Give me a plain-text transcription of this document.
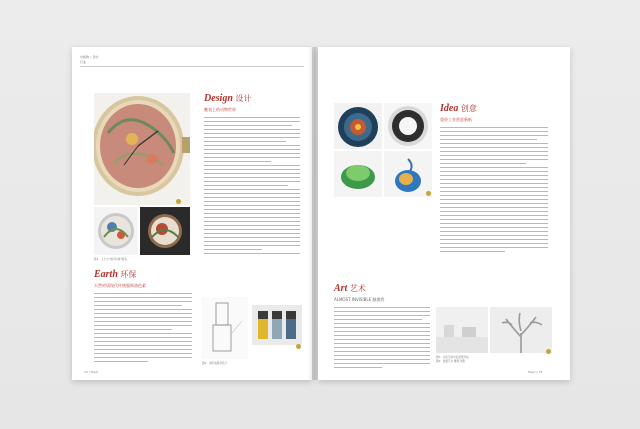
出版物 • 设计
行业
图1：上方为“枝叶扶疏”腕表，
Design 设计
腕表上的动物世界
Earth 环保
天然材质现代传统服饰油色素
图2：指甲油瓶身设计
72 | Topic
Idea 创意
重资工业创意新纸
Art 艺术
ALMOST INVISIBLE 触摸我
图1：白色空间中的装置作品
图2：装置艺术 雕塑 剪影
Topic | 73
